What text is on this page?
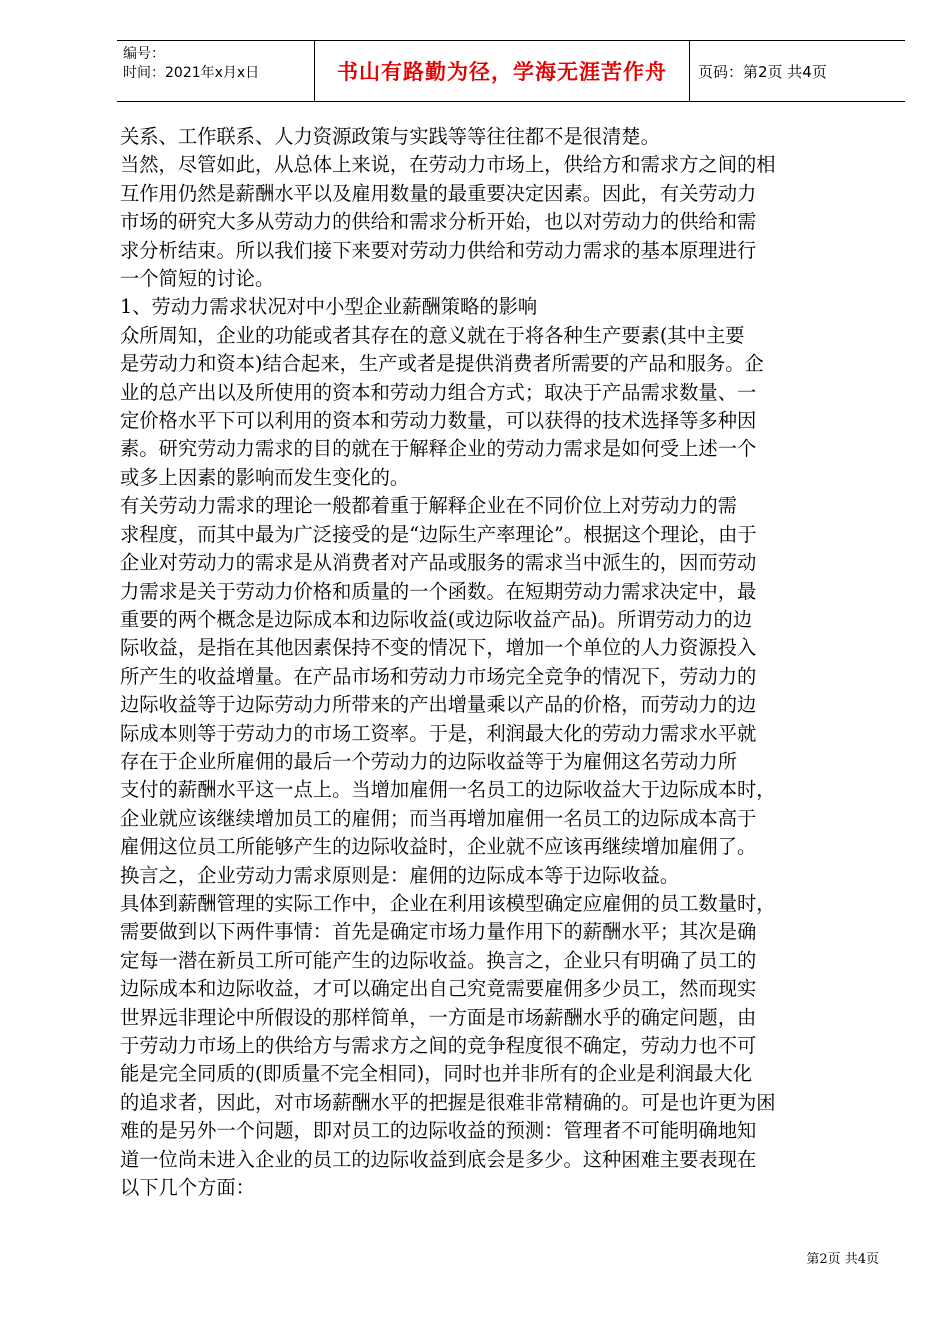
编号：
时间：2021年x月x日	书山有路勤为径，学海无涯苦作舟	页码：第2页 共4页

关系、工作联系、人力资源政策与实践等等往往都不是很清楚。

当然，尽管如此，从总体上来说，在劳动力市场上，供给方和需求方之间的相

互作用仍然是薪酬水平以及雇用数量的最重要决定因素。因此，有关劳动力

市场的研究大多从劳动力的供给和需求分析开始，也以对劳动力的供给和需

求分析结束。所以我们接下来要对劳动力供给和劳动力需求的基本原理进行

一个简短的讨论。

1、劳动力需求状况对中小型企业薪酬策略的影响

众所周知，企业的功能或者其存在的意义就在于将各种生产要素(其中主要

是劳动力和资本)结合起来，生产或者是提供消费者所需要的产品和服务。企

业的总产出以及所使用的资本和劳动力组合方式；取决于产品需求数量、一

定价格水平下可以利用的资本和劳动力数量，可以获得的技术选择等多种因

素。研究劳动力需求的目的就在于解释企业的劳动力需求是如何受上述一个

或多上因素的影响而发生变化的。

有关劳动力需求的理论一般都着重于解释企业在不同价位上对劳动力的需

求程度，而其中最为广泛接受的是“边际生产率理论”。根据这个理论，由于

企业对劳动力的需求是从消费者对产品或服务的需求当中派生的，因而劳动

力需求是关于劳动力价格和质量的一个函数。在短期劳动力需求决定中，最

重要的两个概念是边际成本和边际收益(或边际收益产品)。所谓劳动力的边

际收益，是指在其他因素保持不变的情况下，增加一个单位的人力资源投入

所产生的收益增量。在产品市场和劳动力市场完全竞争的情况下，劳动力的

边际收益等于边际劳动力所带来的产出增量乘以产品的价格，而劳动力的边

际成本则等于劳动力的市场工资率。于是，利润最大化的劳动力需求水平就

存在于企业所雇佣的最后一个劳动力的边际收益等于为雇佣这名劳动力所

支付的薪酬水平这一点上。当增加雇佣一名员工的边际收益大于边际成本时，

企业就应该继续增加员工的雇佣；而当再增加雇佣一名员工的边际成本高于

雇佣这位员工所能够产生的边际收益时，企业就不应该再继续增加雇佣了。

换言之，企业劳动力需求原则是：雇佣的边际成本等于边际收益。

具体到薪酬管理的实际工作中，企业在利用该模型确定应雇佣的员工数量时，

需要做到以下两件事情：首先是确定市场力量作用下的薪酬水平；其次是确

定每一潜在新员工所可能产生的边际收益。换言之，企业只有明确了员工的

边际成本和边际收益，才可以确定出自己究竟需要雇佣多少员工，然而现实

世界远非理论中所假设的那样简单，一方面是市场薪酬水乎的确定问题，由

于劳动力市场上的供给方与需求方之间的竞争程度很不确定，劳动力也不可

能是完全同质的(即质量不完全相同)，同时也并非所有的企业是利润最大化

的追求者，因此，对市场薪酬水平的把握是很难非常精确的。可是也许更为困

难的是另外一个问题，即对员工的边际收益的预测：管理者不可能明确地知

道一位尚未进入企业的员工的边际收益到底会是多少。这种困难主要表现在

以下几个方面：

第2页 共4页
